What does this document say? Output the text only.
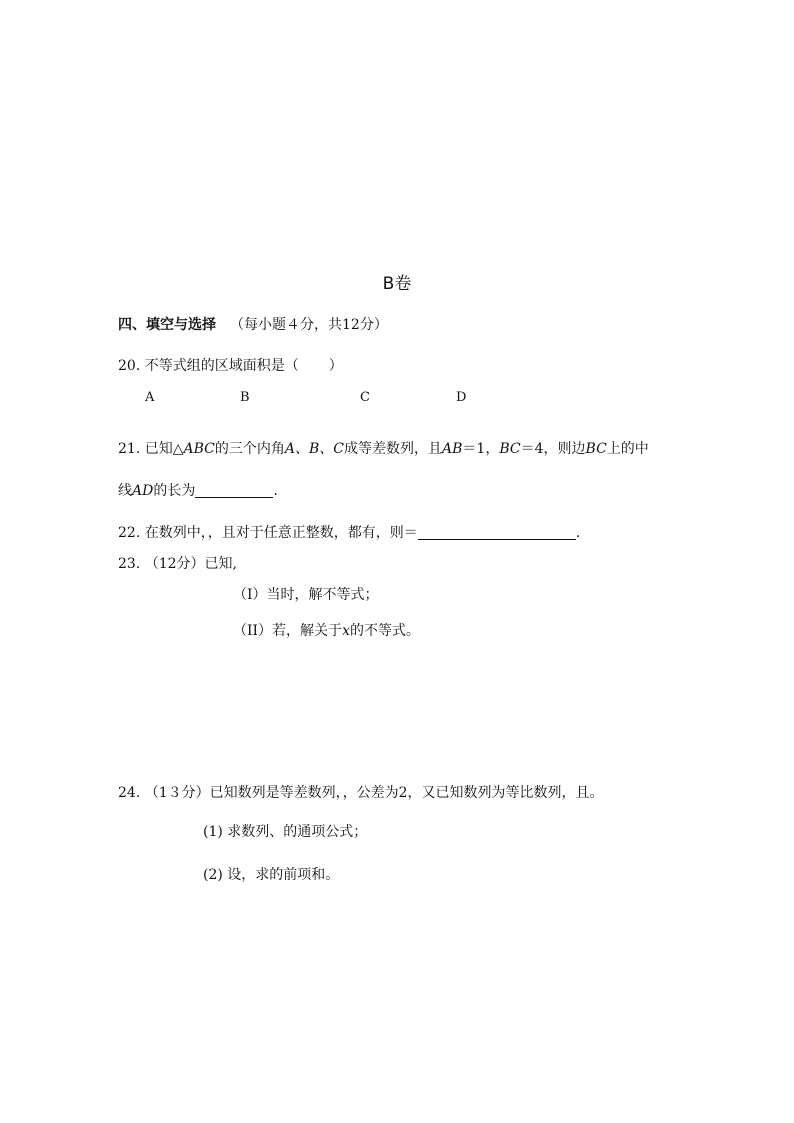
B卷
四、填空与选择 （每小题４分，共12分）
20. 不等式组的区域面积是（ ）
A	B	C	D
21. 已知△ABC的三个内角A、B、C成等差数列，且AB＝1，BC＝4，则边BC上的中
线AD的长为	.
22. 在数列中，，且对于任意正整数，都有，则＝	.
23. （12分）已知,
（I）当时，解不等式；
（II）若，解关于x的不等式。
24. （1３分）已知数列是等差数列，，公差为2，又已知数列为等比数列，且。
(1) 求数列、的通项公式；
(2) 设，求的前项和。
